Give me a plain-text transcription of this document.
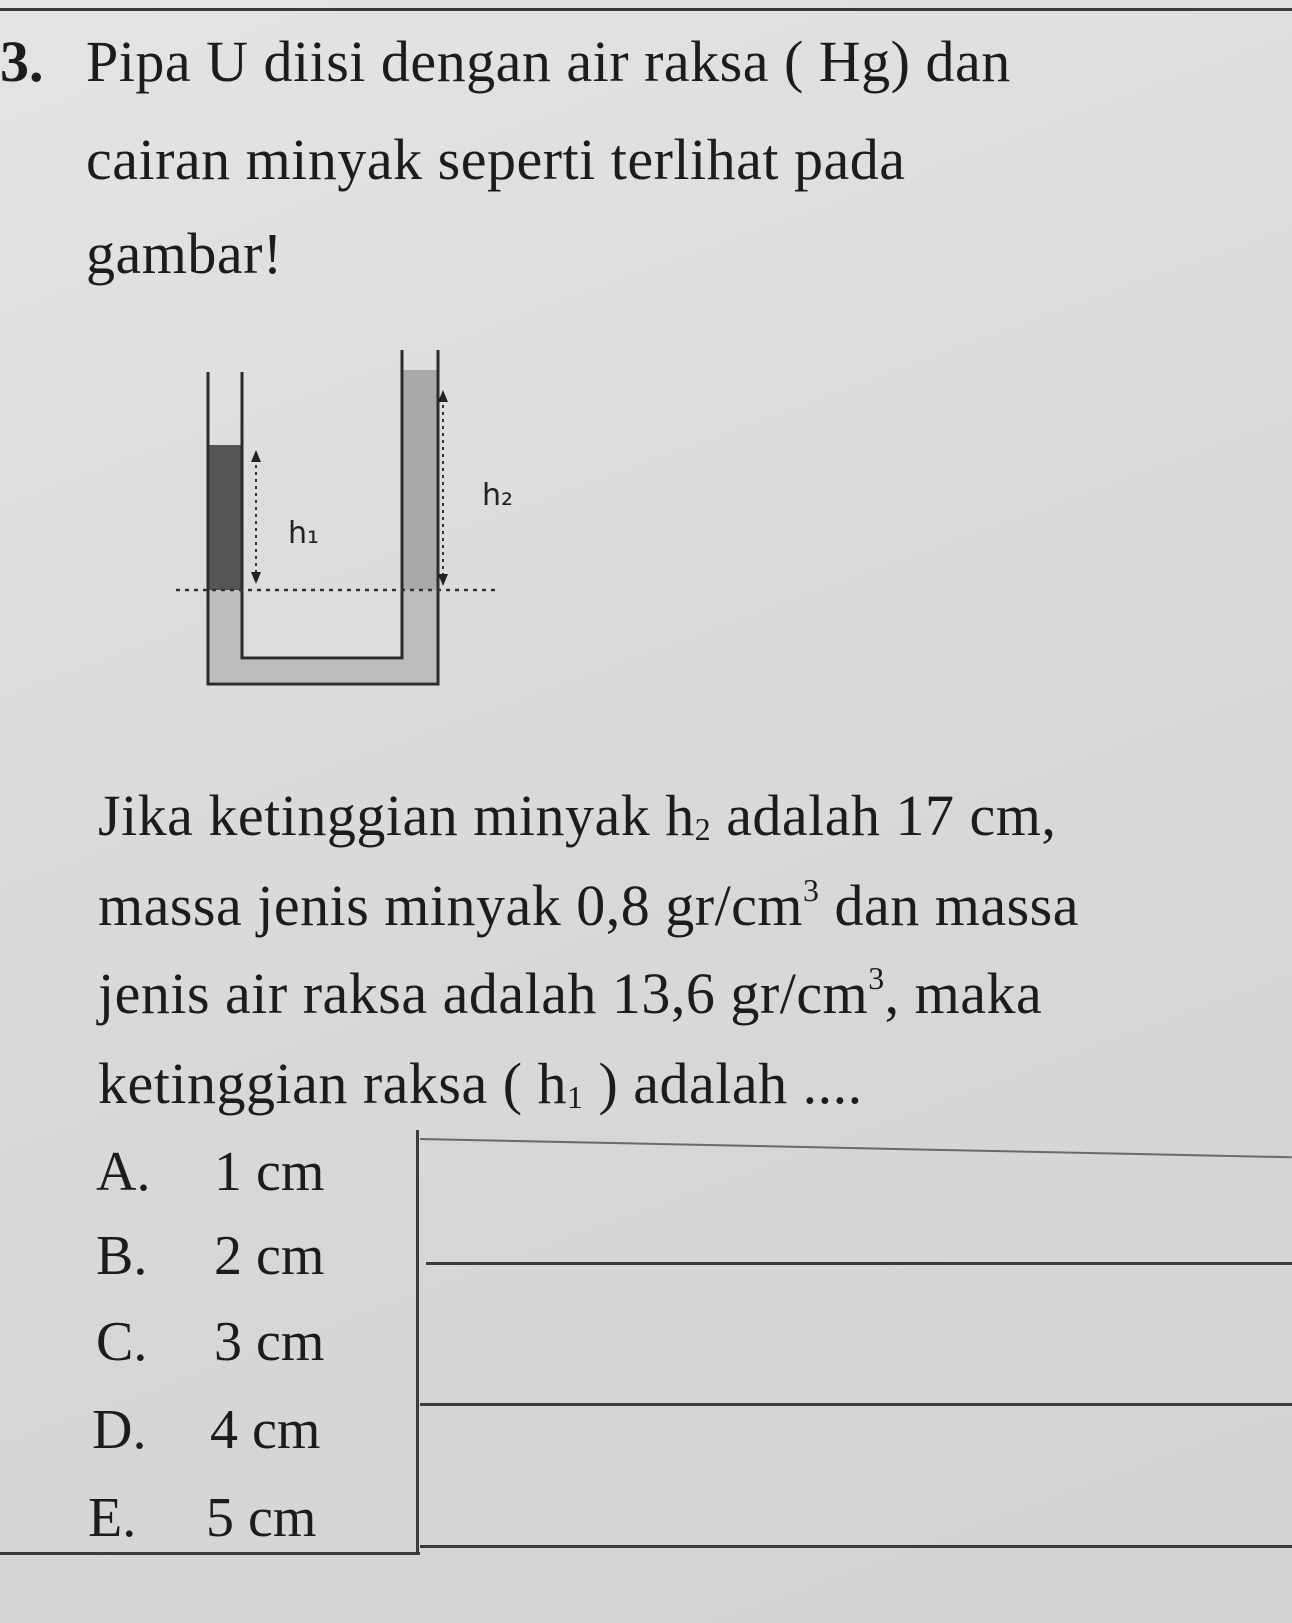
3. Pipa U diisi dengan air raksa ( Hg) dan
cairan minyak seperti terlihat pada
gambar!
h₁
h₂
Jika ketinggian minyak $h_2$ adalah 17 cm,
massa jenis minyak 0,8 $gr/cm^3$ dan massa
jenis air raksa adalah 13,6 $gr/cm^3$, maka
ketinggian raksa ( $h_1$ ) adalah ....
A. 1 cm
B. 2 cm
C. 3 cm
D. 4 cm
E. 5 cm
